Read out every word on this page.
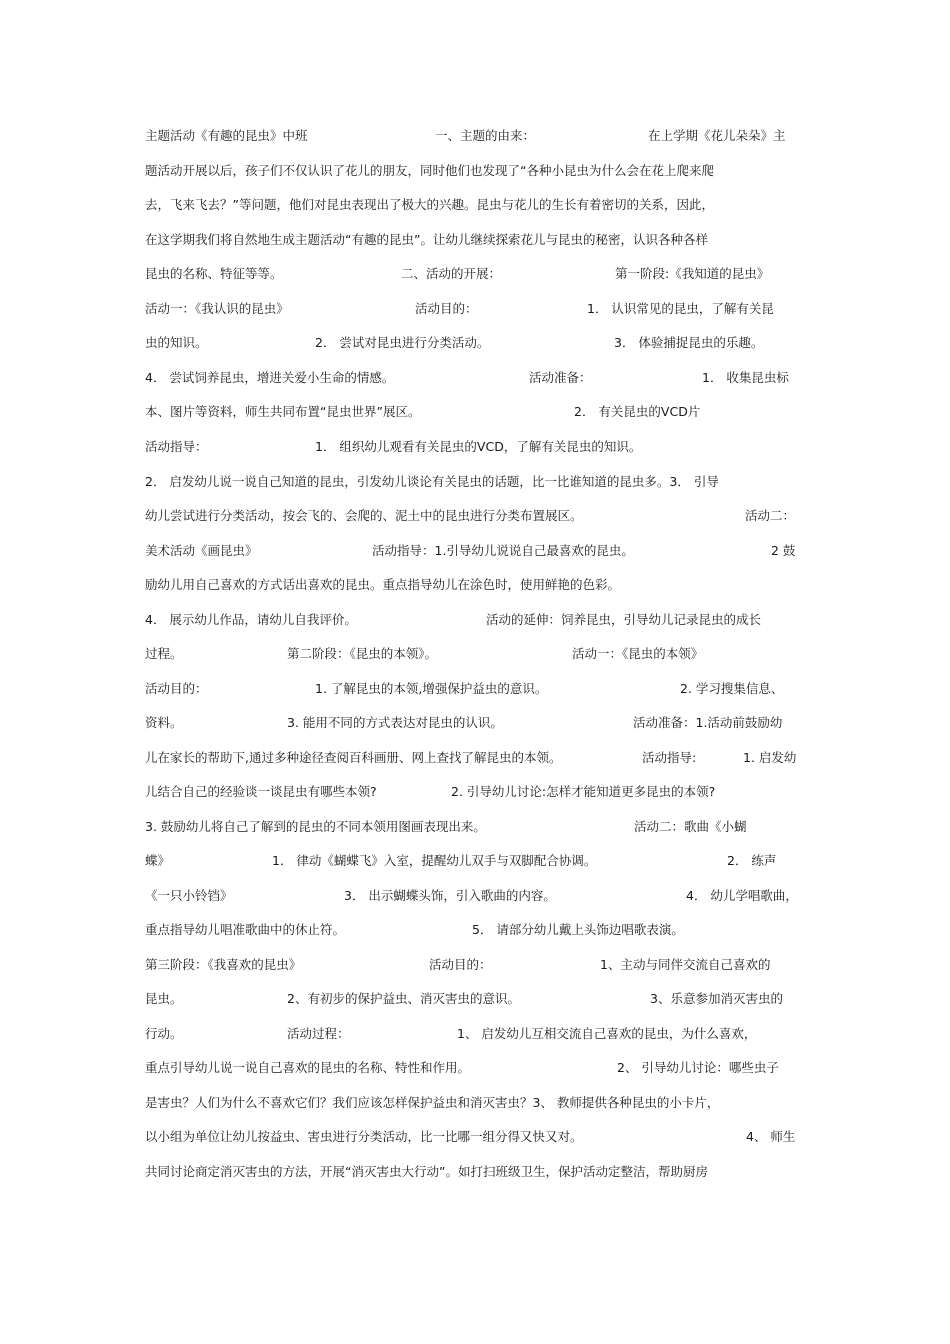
主题活动《有趣的昆虫》中班	一、主题的由来：	在上学期《花儿朵朵》主
题活动开展以后，孩子们不仅认识了花儿的朋友，同时他们也发现了“各种小昆虫为什么会在花上爬来爬
去，飞来飞去？”等问题，他们对昆虫表现出了极大的兴趣。昆虫与花儿的生长有着密切的关系，因此，
在这学期我们将自然地生成主题活动“有趣的昆虫”。让幼儿继续探索花儿与昆虫的秘密，认识各种各样
昆虫的名称、特征等等。	二、活动的开展：	第一阶段:《我知道的昆虫》
活动一：《我认识的昆虫》	活动目的：	1． 认识常见的昆虫，了解有关昆
虫的知识。	2． 尝试对昆虫进行分类活动。	3． 体验捕捉昆虫的乐趣。
4． 尝试饲养昆虫，增进关爱小生命的情感。	活动准备：	1． 收集昆虫标
本、图片等资料，师生共同布置“昆虫世界”展区。	2． 有关昆虫的VCD片
活动指导：	1． 组织幼儿观看有关昆虫的VCD，了解有关昆虫的知识。
2． 启发幼儿说一说自己知道的昆虫，引发幼儿谈论有关昆虫的话题，比一比谁知道的昆虫多。3． 引导
幼儿尝试进行分类活动，按会飞的、会爬的、泥土中的昆虫进行分类布置展区。	活动二：
美术活动《画昆虫》	活动指导：1.引导幼儿说说自己最喜欢的昆虫。	2 鼓
励幼儿用自己喜欢的方式话出喜欢的昆虫。重点指导幼儿在涂色时，使用鲜艳的色彩。
4． 展示幼儿作品，请幼儿自我评价。	活动的延伸：饲养昆虫，引导幼儿记录昆虫的成长
过程。	第二阶段：《昆虫的本领》。	活动一：《昆虫的本领》
活动目的：	1. 了解昆虫的本领,增强保护益虫的意识。	2. 学习搜集信息、
资料。	3. 能用不同的方式表达对昆虫的认识。	活动准备：1.活动前鼓励幼
儿在家长的帮助下,通过多种途径查阅百科画册、网上查找了解昆虫的本领。	活动指导:	1. 启发幼
儿结合自己的经验谈一谈昆虫有哪些本领?	2. 引导幼儿讨论:怎样才能知道更多昆虫的本领?
3. 鼓励幼儿将自己了解到的昆虫的不同本领用图画表现出来。	活动二：歌曲《小蝴
蝶》	1． 律动《蝴蝶飞》入室，提醒幼儿双手与双脚配合协调。	2． 练声
《一只小铃铛》	3． 出示蝴蝶头饰，引入歌曲的内容。	4． 幼儿学唱歌曲，
重点指导幼儿唱准歌曲中的休止符。	5． 请部分幼儿戴上头饰边唱歌表演。
第三阶段：《我喜欢的昆虫》	活动目的：	1、主动与同伴交流自己喜欢的
昆虫。	2、有初步的保护益虫、消灭害虫的意识。	3、乐意参加消灭害虫的
行动。	活动过程：	1、 启发幼儿互相交流自己喜欢的昆虫，为什么喜欢，
重点引导幼儿说一说自己喜欢的昆虫的名称、特性和作用。	2、 引导幼儿讨论：哪些虫子
是害虫？人们为什么不喜欢它们？我们应该怎样保护益虫和消灭害虫？3、 教师提供各种昆虫的小卡片，
以小组为单位让幼儿按益虫、害虫进行分类活动，比一比哪一组分得又快又对。	4、 师生
共同讨论商定消灭害虫的方法，开展“消灭害虫大行动”。如打扫班级卫生，保护活动定整洁，帮助厨房
